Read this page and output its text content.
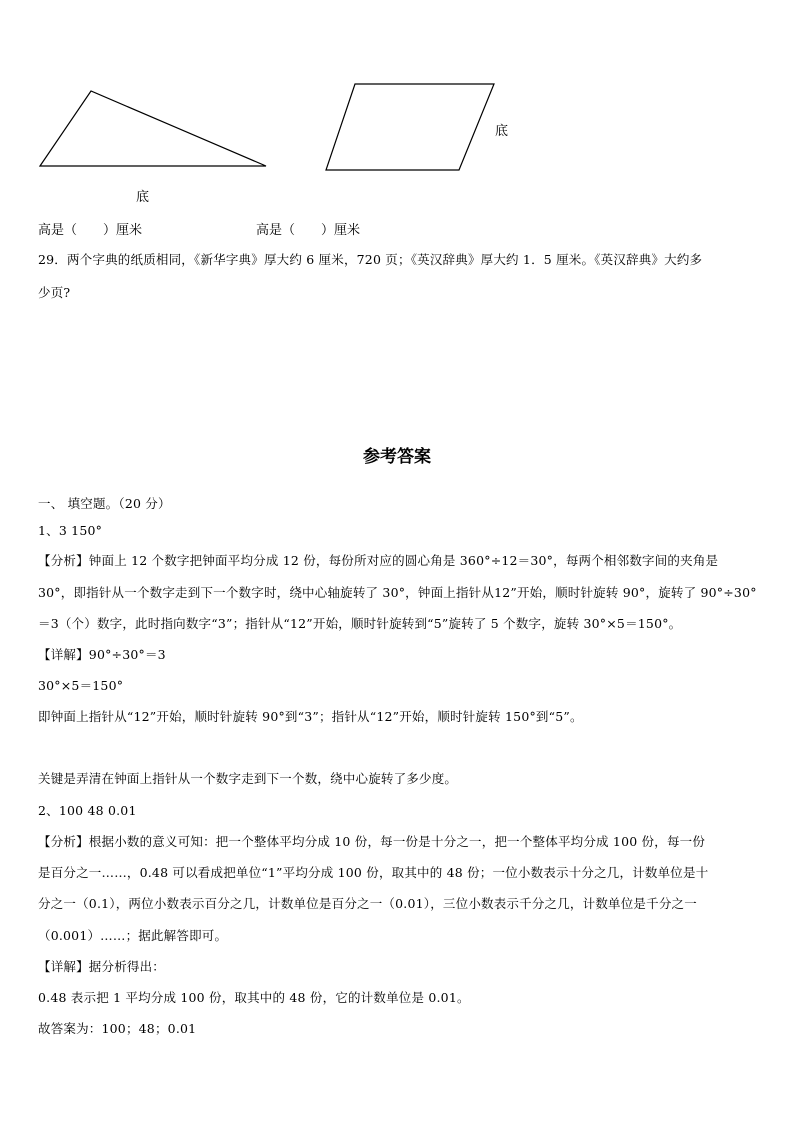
底
底
高是（　　）厘米	高是（　　）厘米
29．两个字典的纸质相同，《新华字典》厚大约 6 厘米，720 页；《英汉辞典》厚大约 1．5 厘米。《英汉辞典》大约多
少页?
参考答案
一、 填空题。（20 分）
1、3 150°
【分析】钟面上 12 个数字把钟面平均分成 12 份，每份所对应的圆心角是 360°÷12＝30°，每两个相邻数字间的夹角是
30°，即指针从一个数字走到下一个数字时，绕中心轴旋转了 30°，钟面上指针从12”开始，顺时针旋转 90°，旋转了 90°÷30°
＝3（个）数字，此时指向数字“3”；指针从“12”开始，顺时针旋转到“5”旋转了 5 个数字，旋转 30°×5＝150°。
【详解】90°÷30°＝3
30°×5＝150°
即钟面上指针从“12”开始，顺时针旋转 90°到“3”；指针从“12”开始，顺时针旋转 150°到“5”。
关键是弄清在钟面上指针从一个数字走到下一个数，绕中心旋转了多少度。
2、100 48 0.01
【分析】根据小数的意义可知：把一个整体平均分成 10 份，每一份是十分之一，把一个整体平均分成 100 份，每一份
是百分之一……，0.48 可以看成把单位“1”平均分成 100 份，取其中的 48 份；一位小数表示十分之几，计数单位是十
分之一（0.1），两位小数表示百分之几，计数单位是百分之一（0.01），三位小数表示千分之几，计数单位是千分之一
（0.001）……；据此解答即可。
【详解】据分析得出：
0.48 表示把 1 平均分成 100 份，取其中的 48 份，它的计数单位是 0.01。
故答案为：100；48；0.01
